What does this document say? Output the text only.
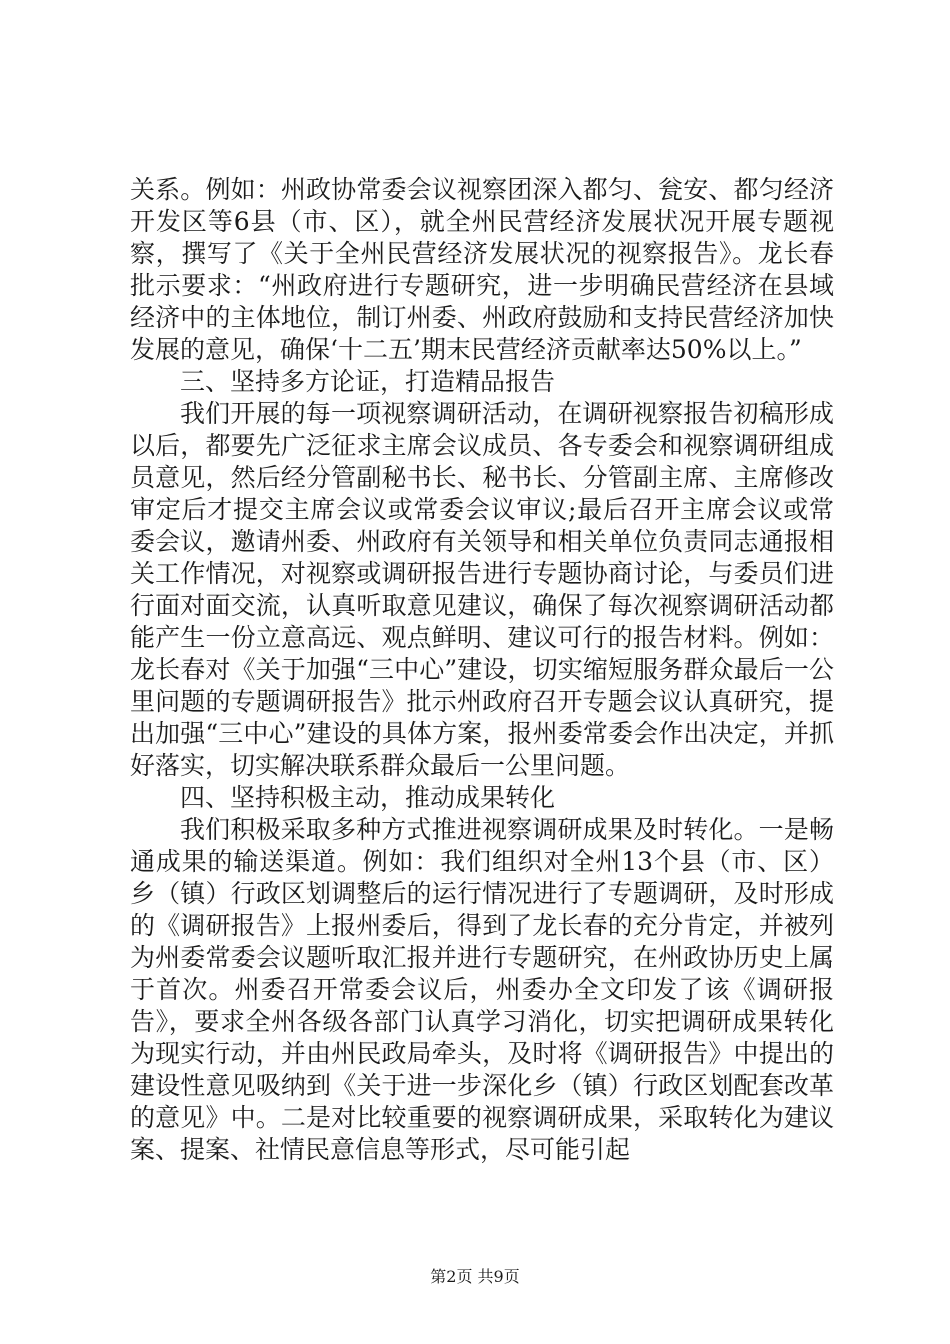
关系。例如：州政协常委会议视察团深入都匀、瓮安、都匀经济开发区等6县（市、区），就全州民营经济发展状况开展专题视察，撰写了《关于全州民营经济发展状况的视察报告》。龙长春批示要求：“州政府进行专题研究，进一步明确民营经济在县域经济中的主体地位，制订州委、州政府鼓励和支持民营经济加快发展的意见，确保‘十二五’期末民营经济贡献率达50%以上。”

三、坚持多方论证，打造精品报告

我们开展的每一项视察调研活动，在调研视察报告初稿形成以后，都要先广泛征求主席会议成员、各专委会和视察调研组成员意见，然后经分管副秘书长、秘书长、分管副主席、主席修改审定后才提交主席会议或常委会议审议;最后召开主席会议或常委会议，邀请州委、州政府有关领导和相关单位负责同志通报相关工作情况，对视察或调研报告进行专题协商讨论，与委员们进行面对面交流，认真听取意见建议，确保了每次视察调研活动都能产生一份立意高远、观点鲜明、建议可行的报告材料。例如：龙长春对《关于加强“三中心”建设，切实缩短服务群众最后一公里问题的专题调研报告》批示州政府召开专题会议认真研究，提出加强“三中心”建设的具体方案，报州委常委会作出决定，并抓好落实，切实解决联系群众最后一公里问题。

四、坚持积极主动，推动成果转化

我们积极采取多种方式推进视察调研成果及时转化。一是畅通成果的输送渠道。例如：我们组织对全州13个县（市、区）乡（镇）行政区划调整后的运行情况进行了专题调研，及时形成的《调研报告》上报州委后，得到了龙长春的充分肯定，并被列为州委常委会议题听取汇报并进行专题研究，在州政协历史上属于首次。州委召开常委会议后，州委办全文印发了该《调研报告》，要求全州各级各部门认真学习消化，切实把调研成果转化为现实行动，并由州民政局牵头，及时将《调研报告》中提出的建设性意见吸纳到《关于进一步深化乡（镇）行政区划配套改革的意见》中。二是对比较重要的视察调研成果，采取转化为建议案、提案、社情民意信息等形式，尽可能引起

第2页 共9页
